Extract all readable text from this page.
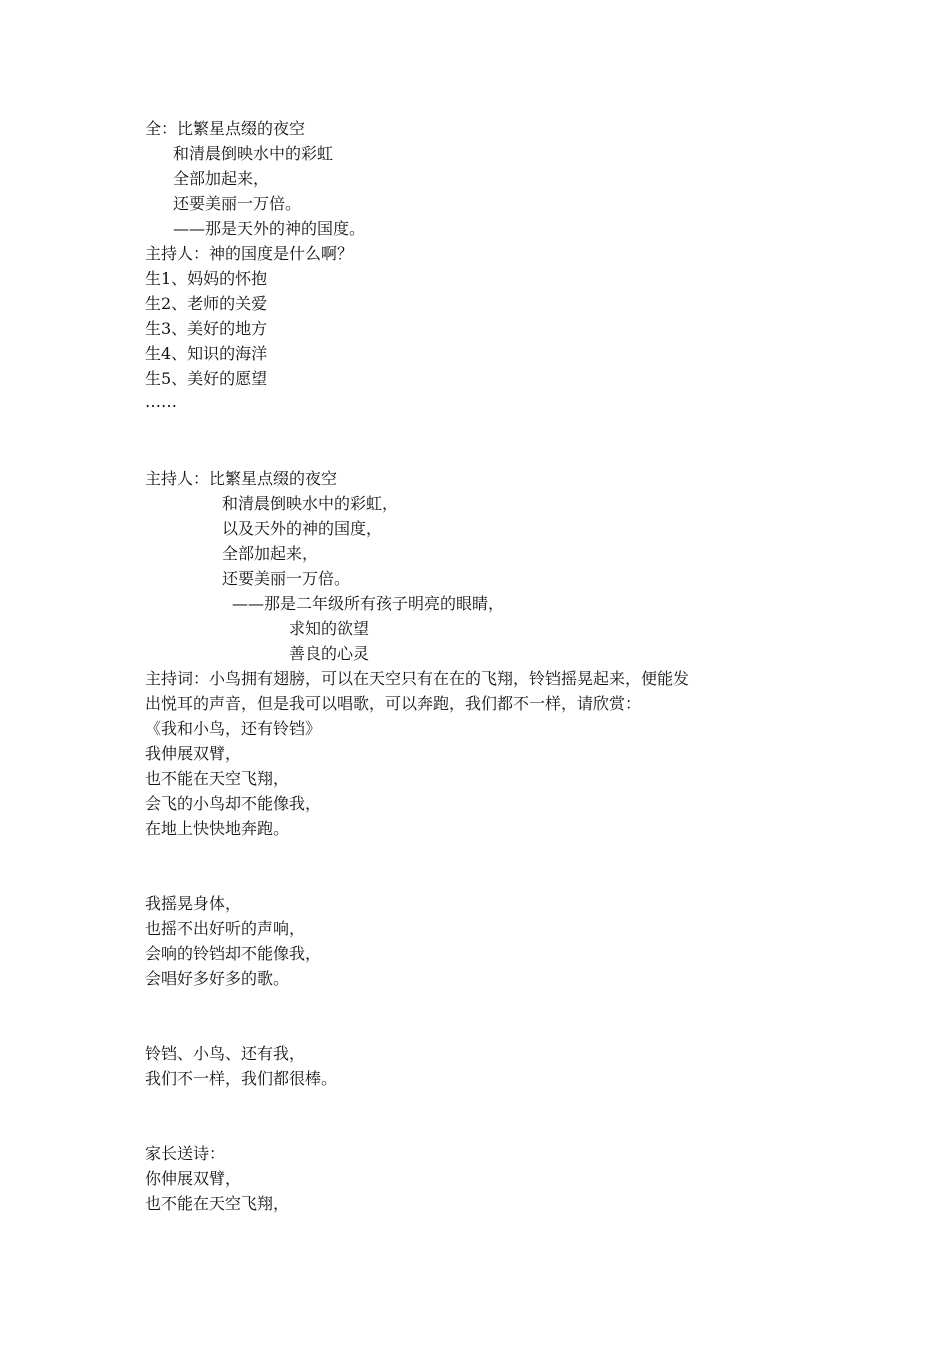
全：比繁星点缀的夜空
和清晨倒映水中的彩虹
全部加起来，
还要美丽一万倍。
——那是天外的神的国度。
主持人：神的国度是什么啊？
生1、妈妈的怀抱
生2、老师的关爱
生3、美好的地方
生4、知识的海洋
生5、美好的愿望
……
主持人：比繁星点缀的夜空
和清晨倒映水中的彩虹，
以及天外的神的国度，
全部加起来，
还要美丽一万倍。
——那是二年级所有孩子明亮的眼睛，
求知的欲望
善良的心灵
主持词：小鸟拥有翅膀，可以在天空只有在在的飞翔，铃铛摇晃起来，便能发
出悦耳的声音，但是我可以唱歌，可以奔跑，我们都不一样，请欣赏：
《我和小鸟，还有铃铛》
我伸展双臂，
也不能在天空飞翔，
会飞的小鸟却不能像我，
在地上快快地奔跑。
我摇晃身体，
也摇不出好听的声响，
会响的铃铛却不能像我，
会唱好多好多的歌。
铃铛、小鸟、还有我，
我们不一样，我们都很棒。
家长送诗：
你伸展双臂，
也不能在天空飞翔，
